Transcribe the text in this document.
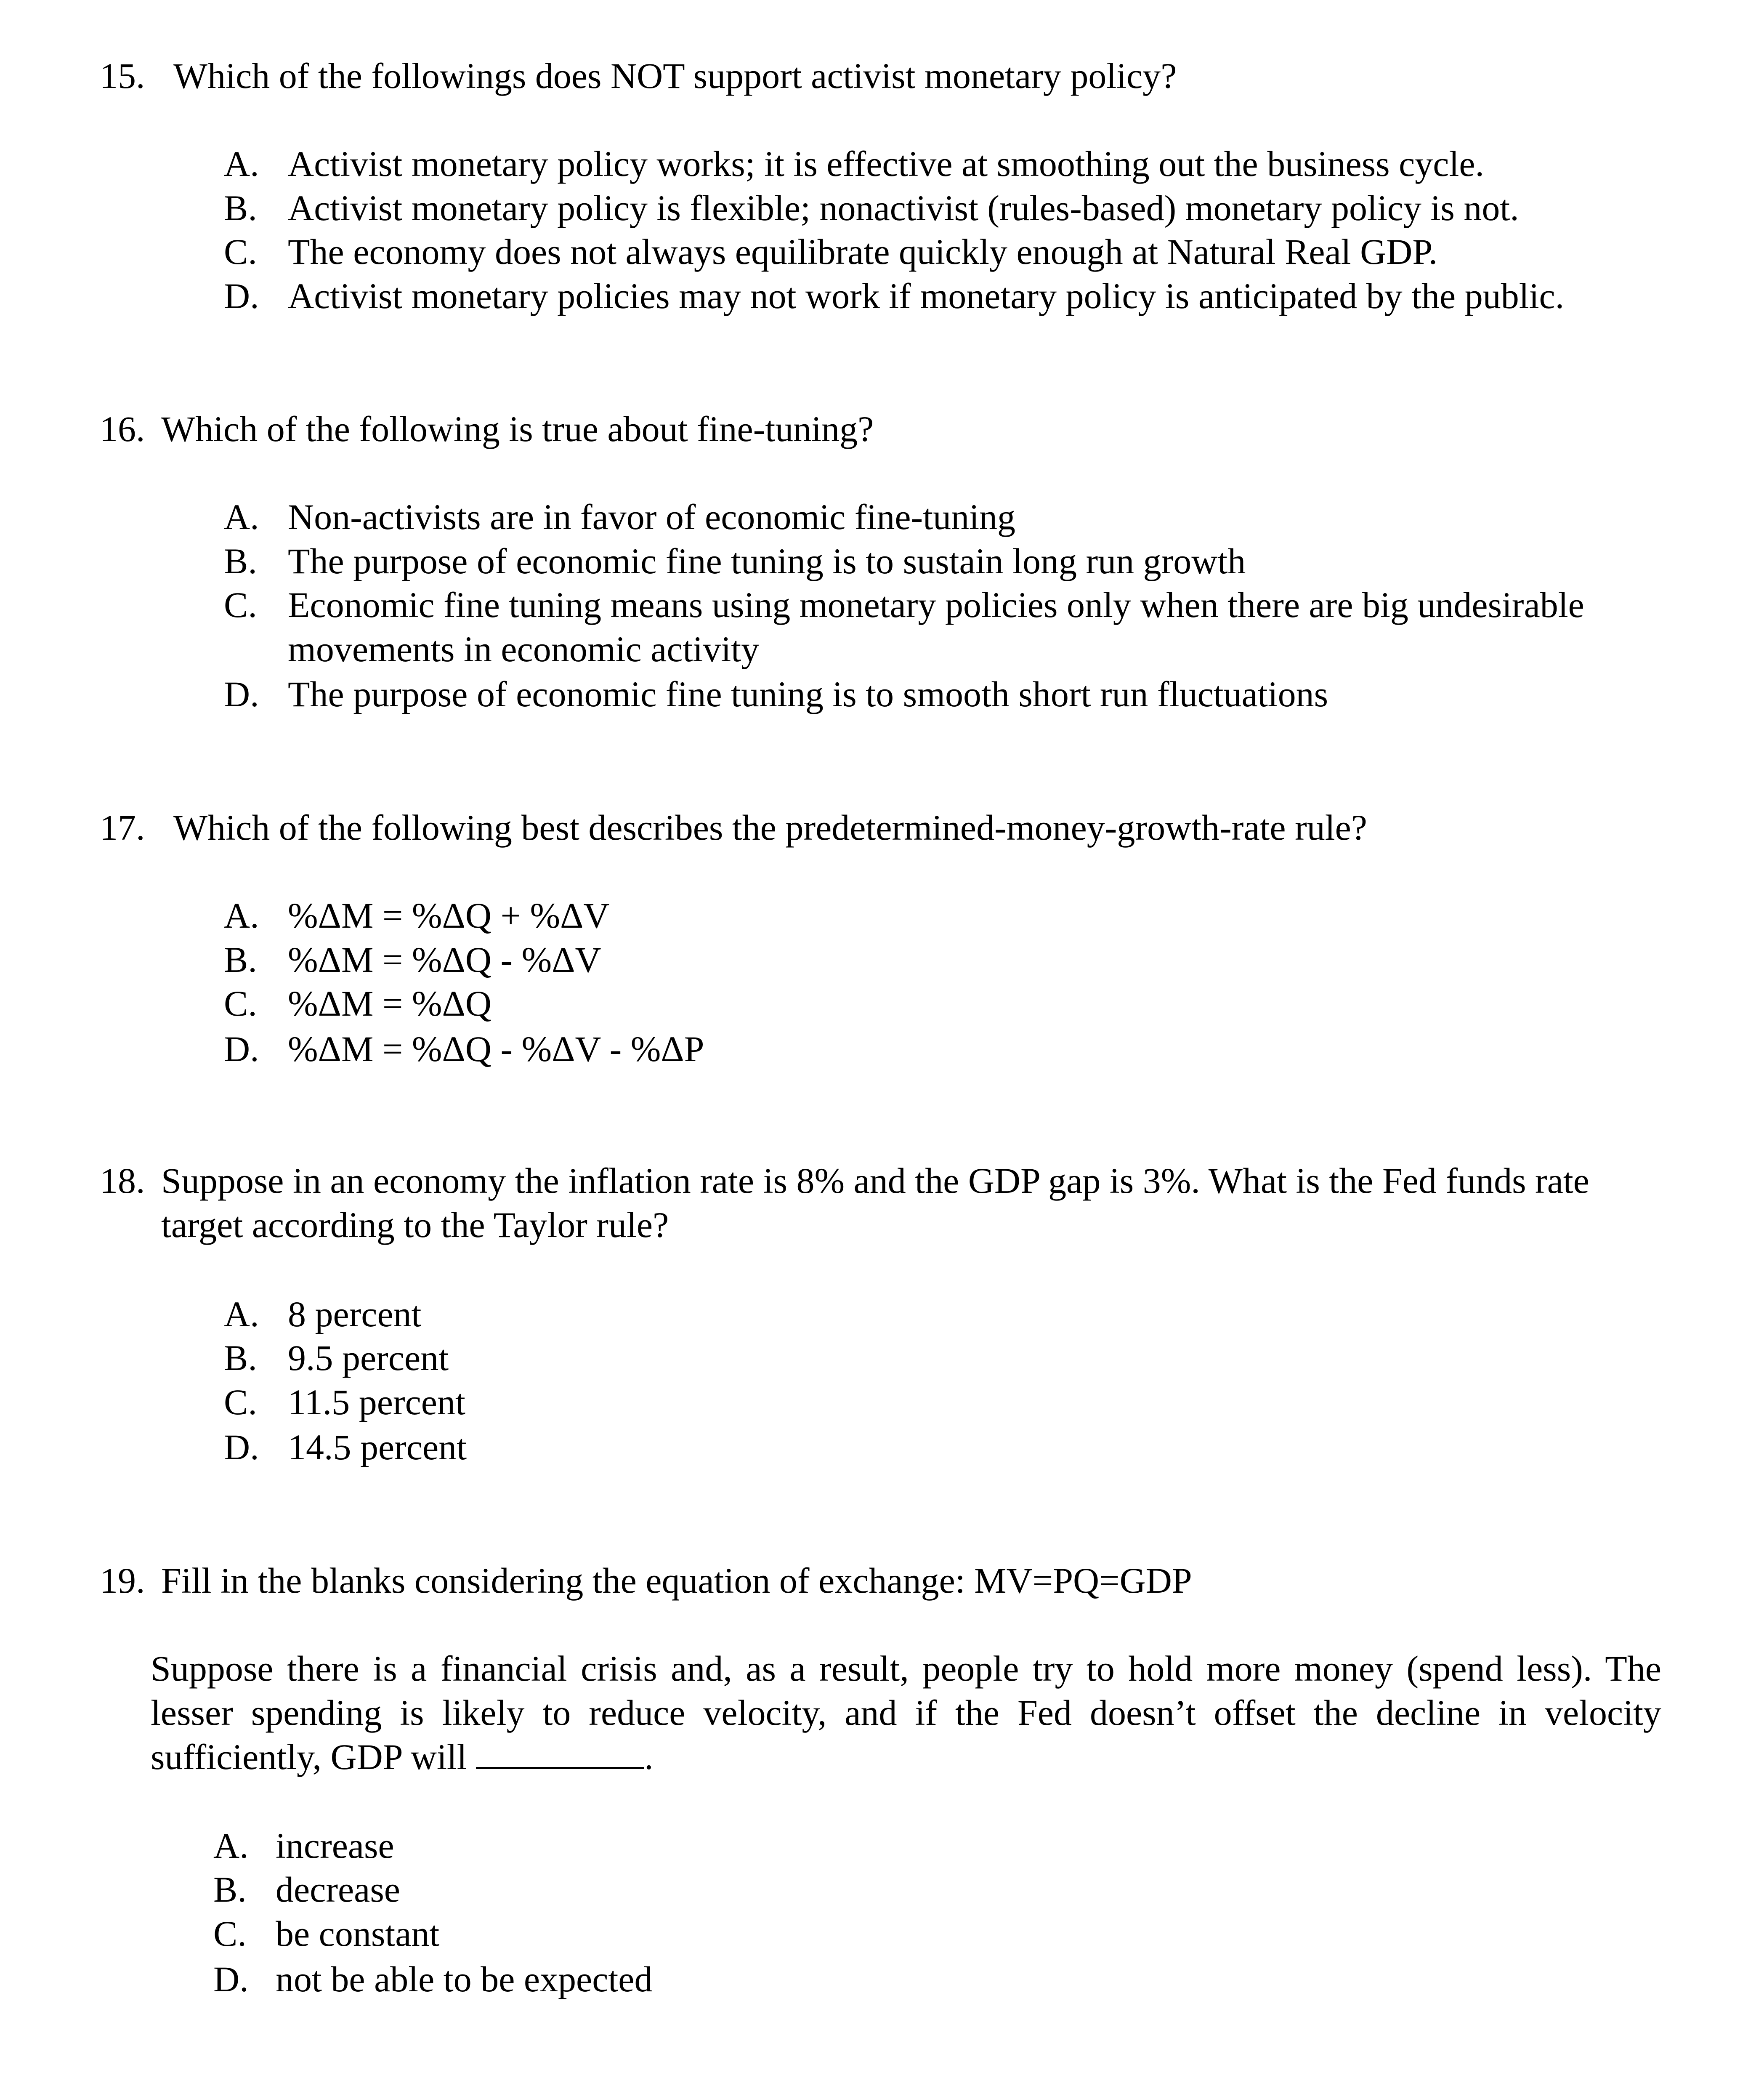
15. Which of the followings does NOT support activist monetary policy?
A. Activist monetary policy works; it is effective at smoothing out the business cycle.
B. Activist monetary policy is flexible; nonactivist (rules-based) monetary policy is not.
C. The economy does not always equilibrate quickly enough at Natural Real GDP.
D. Activist monetary policies may not work if monetary policy is anticipated by the public.
16. Which of the following is true about fine-tuning?
A. Non-activists are in favor of economic fine-tuning
B. The purpose of economic fine tuning is to sustain long run growth
C. Economic fine tuning means using monetary policies only when there are big undesirable movements in economic activity
D. The purpose of economic fine tuning is to smooth short run fluctuations
17. Which of the following best describes the predetermined-money-growth-rate rule?
A. %ΔM = %ΔQ + %ΔV
B. %ΔM = %ΔQ - %ΔV
C. %ΔM = %ΔQ
D. %ΔM = %ΔQ - %ΔV - %ΔP
18. Suppose in an economy the inflation rate is 8% and the GDP gap is 3%. What is the Fed funds rate target according to the Taylor rule?
A. 8 percent
B. 9.5 percent
C. 11.5 percent
D. 14.5 percent
19. Fill in the blanks considering the equation of exchange: MV=PQ=GDP
Suppose there is a financial crisis and, as a result, people try to hold more money (spend less). The lesser spending is likely to reduce velocity, and if the Fed doesn’t offset the decline in velocity sufficiently, GDP will	.
A. increase
B. decrease
C. be constant
D. not be able to be expected
